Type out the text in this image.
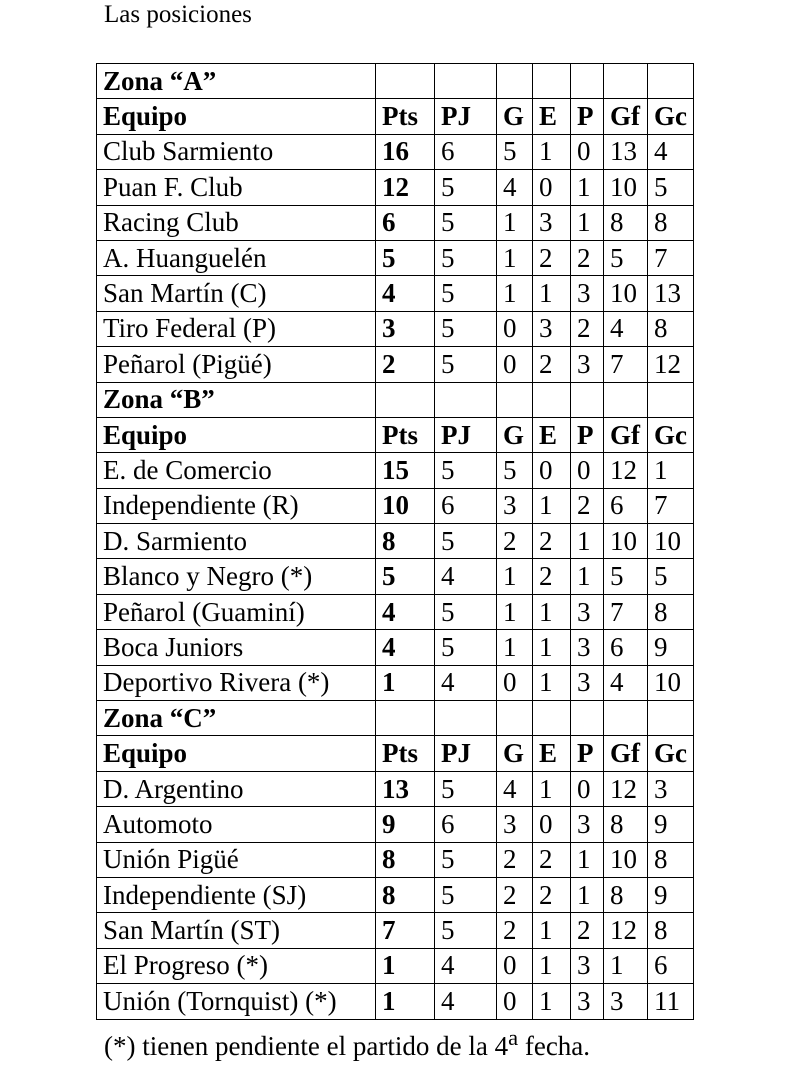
Las posiciones
Zona “A”							
Equipo	Pts	PJ	G	E	P	Gf	Gc
Club Sarmiento	16	6	5	1	0	13	4
Puan F. Club	12	5	4	0	1	10	5
Racing Club	6	5	1	3	1	8	8
A. Huanguelén	5	5	1	2	2	5	7
San Martín (C)	4	5	1	1	3	10	13
Tiro Federal (P)	3	5	0	3	2	4	8
Peñarol (Pigüé)	2	5	0	2	3	7	12
Zona “B”							
Equipo	Pts	PJ	G	E	P	Gf	Gc
E. de Comercio	15	5	5	0	0	12	1
Independiente (R)	10	6	3	1	2	6	7
D. Sarmiento	8	5	2	2	1	10	10
Blanco y Negro (*)	5	4	1	2	1	5	5
Peñarol (Guaminí)	4	5	1	1	3	7	8
Boca Juniors	4	5	1	1	3	6	9
Deportivo Rivera (*)	1	4	0	1	3	4	10
Zona “C”							
Equipo	Pts	PJ	G	E	P	Gf	Gc
D. Argentino	13	5	4	1	0	12	3
Automoto	9	6	3	0	3	8	9
Unión Pigüé	8	5	2	2	1	10	8
Independiente (SJ)	8	5	2	2	1	8	9
San Martín (ST)	7	5	2	1	2	12	8
El Progreso (*)	1	4	0	1	3	1	6
Unión (Tornquist) (*)	1	4	0	1	3	3	11
(*) tienen pendiente el partido de la 4$^a$ fecha.
